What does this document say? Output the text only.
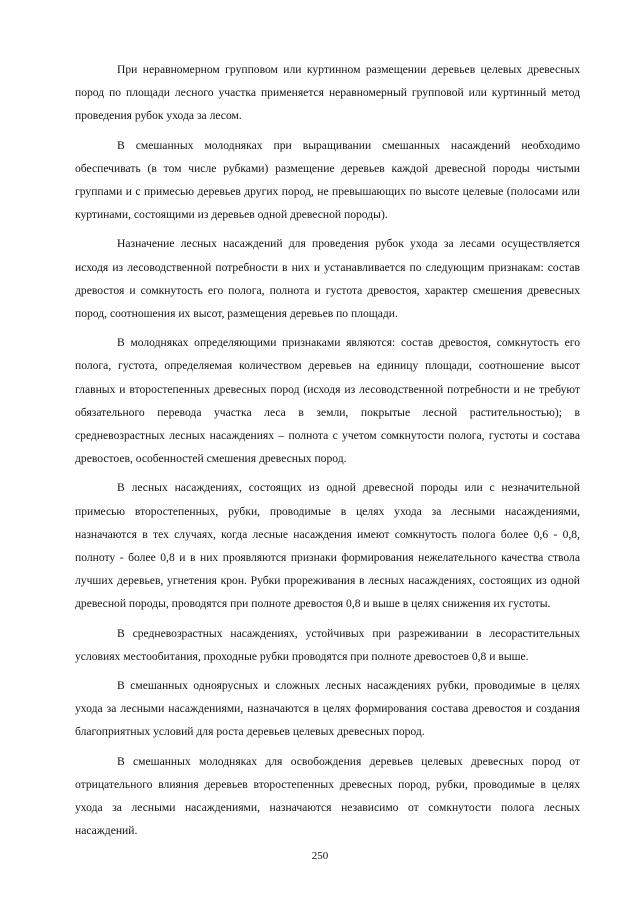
При неравномерном групповом или куртинном размещении деревьев целевых древесных пород по площади лесного участка применяется неравномерный групповой или куртинный метод проведения рубок ухода за лесом.

В смешанных молодняках при выращивании смешанных насаждений необходимо обеспечивать (в том числе рубками) размещение деревьев каждой древесной породы чистыми группами и с примесью деревьев других пород, не превышающих по высоте целевые (полосами или куртинами, состоящими из деревьев одной древесной породы).

Назначение лесных насаждений для проведения рубок ухода за лесами осуществляется исходя из лесоводственной потребности в них и устанавливается по следующим признакам: состав древостоя и сомкнутость его полога, полнота и густота древостоя, характер смешения древесных пород, соотношения их высот, размещения деревьев по площади.

В молодняках определяющими признаками являются: состав древостоя, сомкнутость его полога, густота, определяемая количеством деревьев на единицу площади, соотношение высот главных и второстепенных древесных пород (исходя из лесоводственной потребности и не требуют обязательного перевода участка леса в земли, покрытые лесной растительностью); в средневозрастных лесных насаждениях – полнота с учетом сомкнутости полога, густоты и состава древостоев, особенностей смешения древесных пород.

В лесных насаждениях, состоящих из одной древесной породы или с незначительной примесью второстепенных, рубки, проводимые в целях ухода за лесными насаждениями, назначаются в тех случаях, когда лесные насаждения имеют сомкнутость полога более 0,6 - 0,8, полноту - более 0,8 и в них проявляются признаки формирования нежелательного качества ствола лучших деревьев, угнетения крон. Рубки прореживания в лесных насаждениях, состоящих из одной древесной породы, проводятся при полноте древостоя 0,8 и выше в целях снижения их густоты.

В средневозрастных насаждениях, устойчивых при разреживании в лесорастительных условиях местообитания, проходные рубки проводятся при полноте древостоев 0,8 и выше.

В смешанных одноярусных и сложных лесных насаждениях рубки, проводимые в целях ухода за лесными насаждениями, назначаются в целях формирования состава древостоя и создания благоприятных условий для роста деревьев целевых древесных пород.

В смешанных молодняках для освобождения деревьев целевых древесных пород от отрицательного влияния деревьев второстепенных древесных пород, рубки, проводимые в целях ухода за лесными насаждениями, назначаются независимо от сомкнутости полога лесных насаждений.

250
